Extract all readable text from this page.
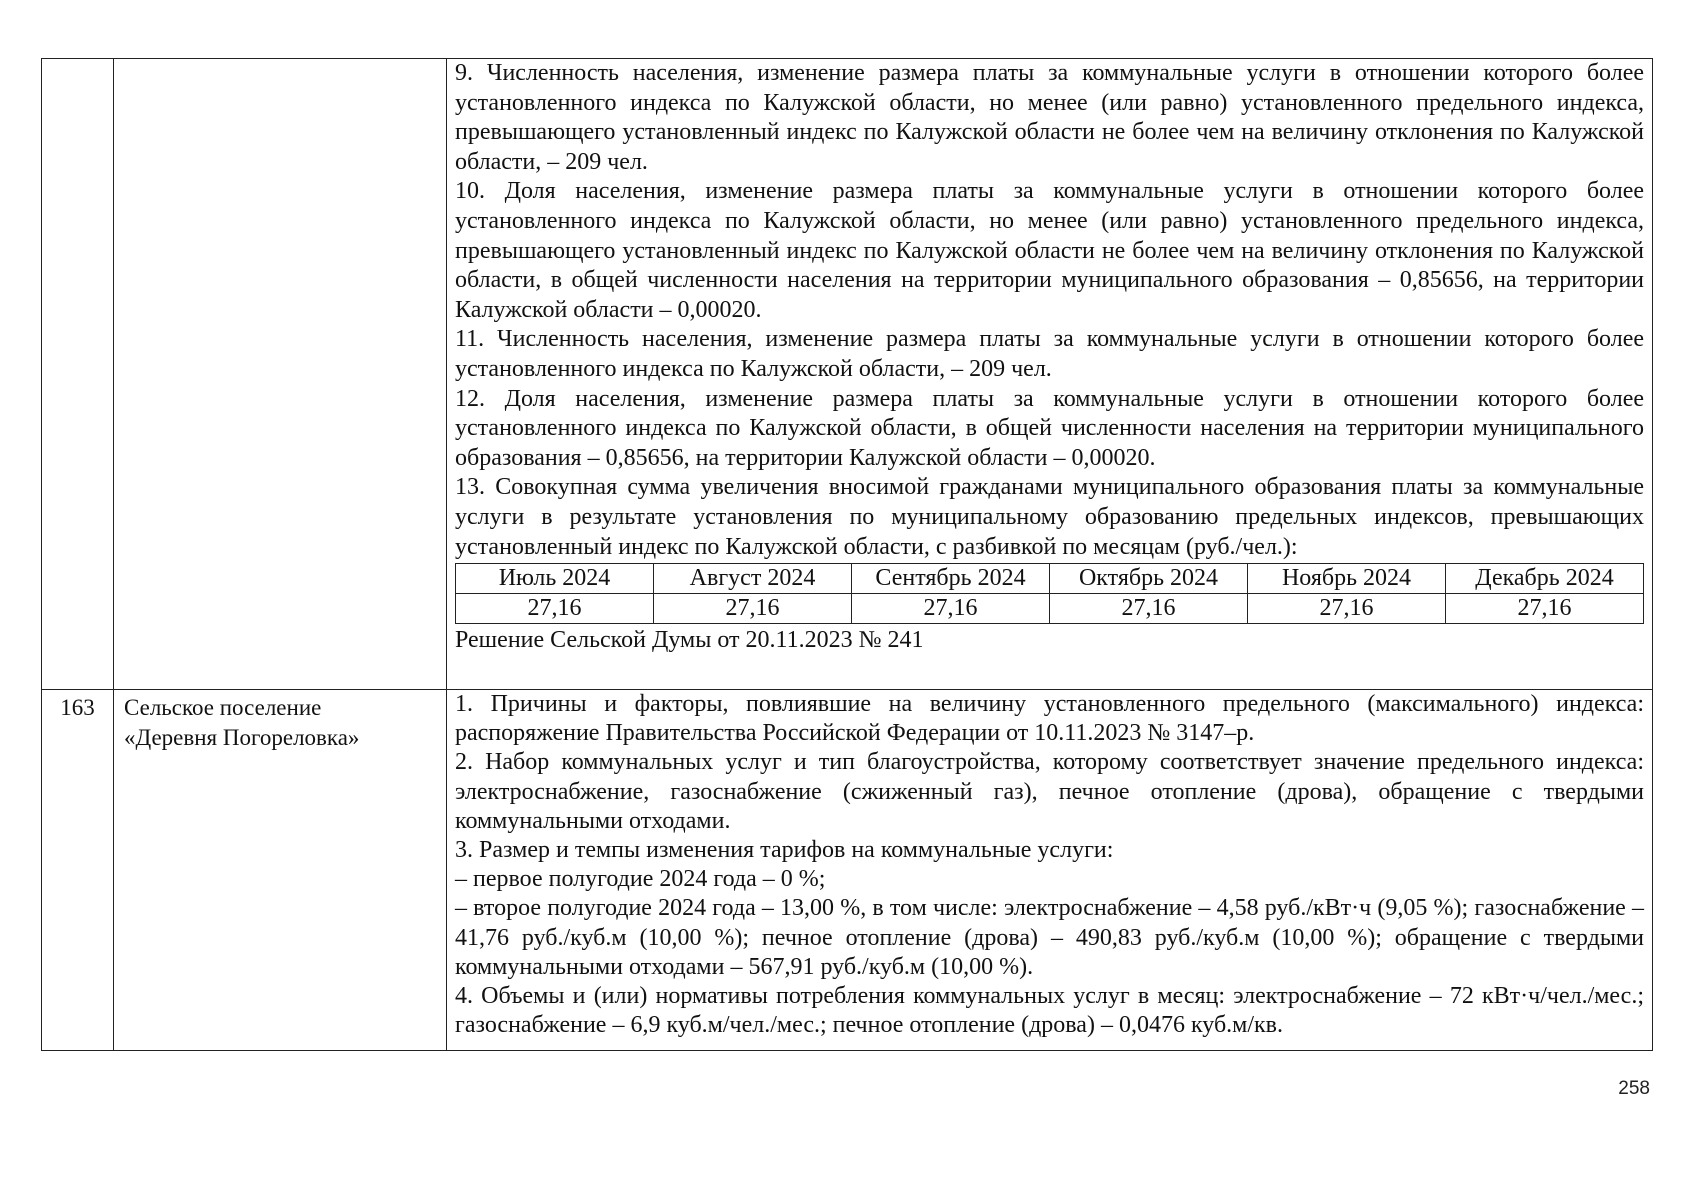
9. Численность населения, изменение размера платы за коммунальные услуги в отношении которого более установленного индекса по Калужской области, но менее (или равно) установленного предельного индекса, превышающего установленный индекс по Калужской области не более чем на величину отклонения по Калужской области, – 209 чел.

10. Доля населения, изменение размера платы за коммунальные услуги в отношении которого более установленного индекса по Калужской области, но менее (или равно) установленного предельного индекса, превышающего установленный индекс по Калужской области не более чем на величину отклонения по Калужской области, в общей численности населения на территории муниципального образования – 0,85656, на территории Калужской области – 0,00020.

11. Численность населения, изменение размера платы за коммунальные услуги в отношении которого более установленного индекса по Калужской области, – 209 чел.

12. Доля населения, изменение размера платы за коммунальные услуги в отношении которого более установленного индекса по Калужской области, в общей численности населения на территории муниципального образования – 0,85656, на территории Калужской области – 0,00020.

13. Совокупная сумма увеличения вносимой гражданами муниципального образования платы за коммунальные услуги в результате установления по муниципальному образованию предельных индексов, превышающих установленный индекс по Калужской области, с разбивкой по месяцам (руб./чел.):

Июль 2024	Август 2024	Сентябрь 2024	Октябрь 2024	Ноябрь 2024	Декабрь 2024
27,16	27,16	27,16	27,16	27,16	27,16

Решение Сельской Думы от 20.11.2023 № 241

163	Сельское поселение
«Деревня Погореловка»

1. Причины и факторы, повлиявшие на величину установленного предельного (максимального) индекса: распоряжение Правительства Российской Федерации от 10.11.2023 № 3147–р.

2. Набор коммунальных услуг и тип благоустройства, которому соответствует значение предельного индекса: электроснабжение, газоснабжение (сжиженный газ), печное отопление (дрова), обращение с твердыми коммунальными отходами.

3. Размер и темпы изменения тарифов на коммунальные услуги:

– первое полугодие 2024 года – 0 %;

– второе полугодие 2024 года – 13,00 %, в том числе: электроснабжение – 4,58 руб./кВт·ч (9,05 %); газоснабжение – 41,76 руб./куб.м (10,00 %); печное отопление (дрова) – 490,83 руб./куб.м (10,00 %); обращение с твердыми коммунальными отходами – 567,91 руб./куб.м (10,00 %).

4. Объемы и (или) нормативы потребления коммунальных услуг в месяц: электроснабжение – 72 кВт·ч/чел./мес.; газоснабжение – 6,9 куб.м/чел./мес.; печное отопление (дрова) – 0,0476 куб.м/кв.

258
